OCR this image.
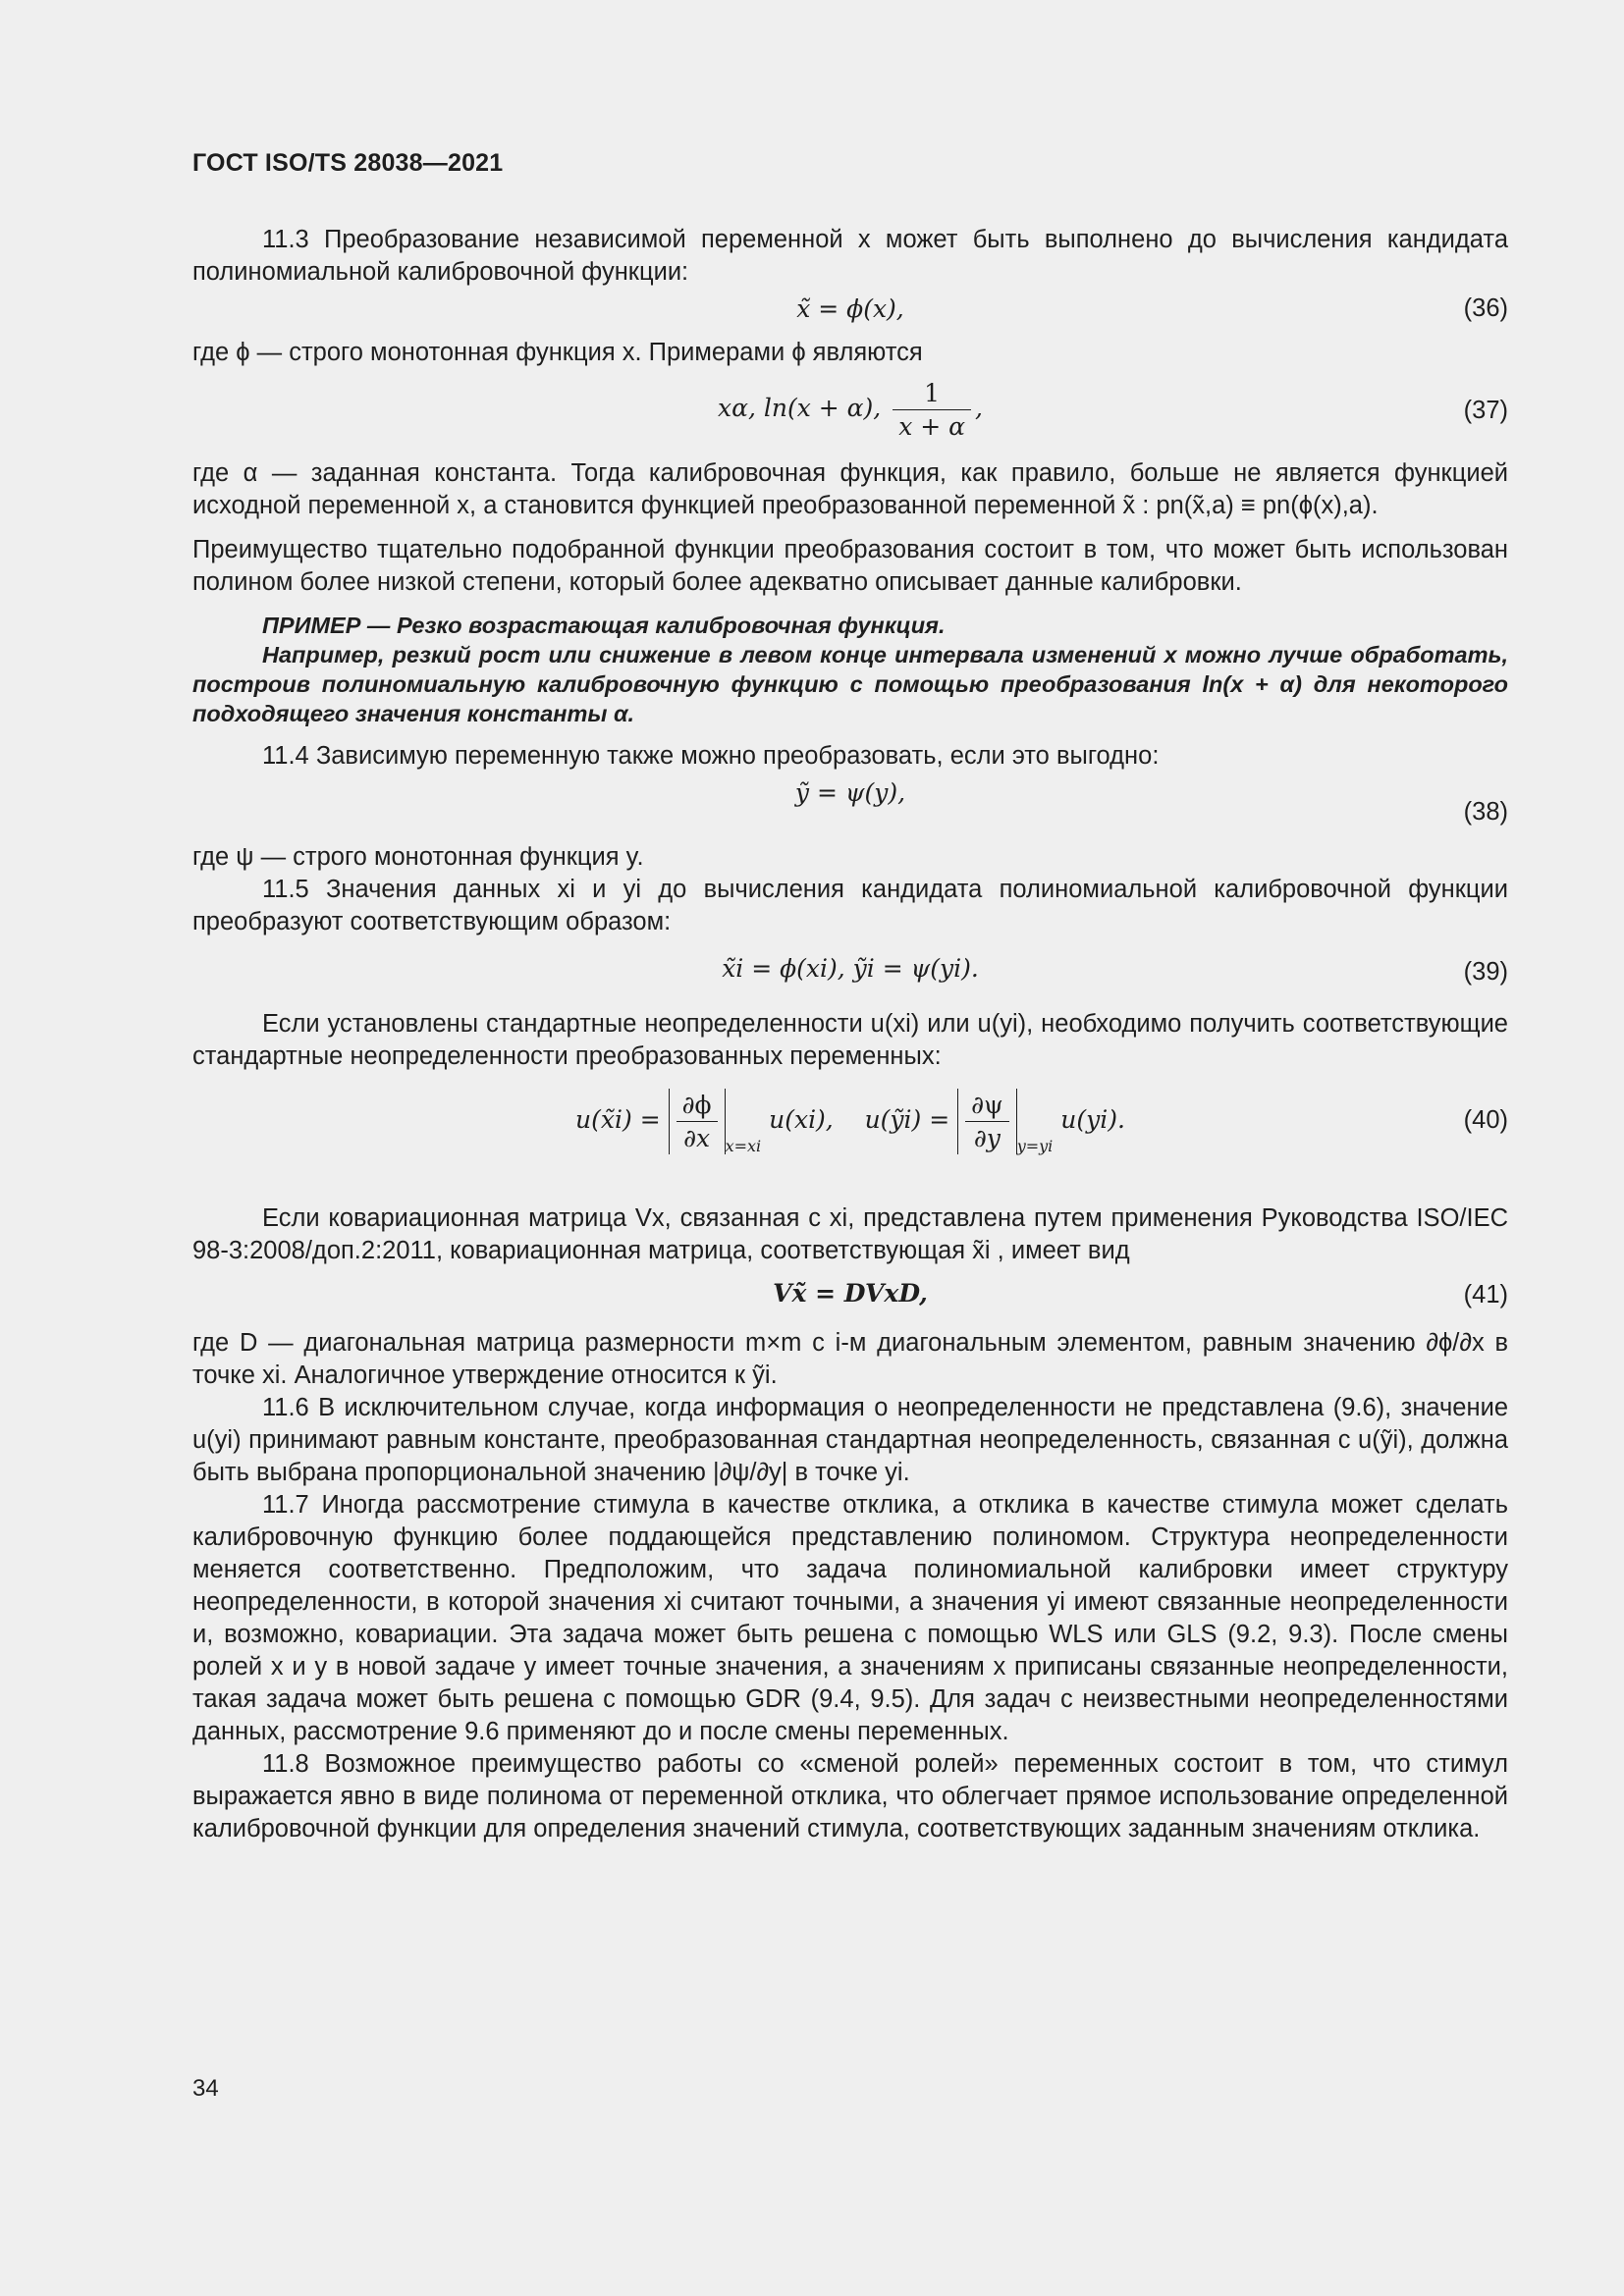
ГОСТ ISO/TS 28038—2021

11.3 Преобразование независимой переменной x может быть выполнено до вычисления кандидата полиномиальной калибровочной функции:

(36)
x̃ = ϕ(x),

где ϕ — строго монотонная функция x. Примерами ϕ являются

(37)
xα, ln(x + α), $\frac{1}{x + \alpha}$ ,

где α — заданная константа. Тогда калибровочная функция, как правило, больше не является функцией исходной переменной x, а становится функцией преобразованной переменной x̃ : pn(x̃,a) ≡ pn(ϕ(x),a).

Преимущество тщательно подобранной функции преобразования состоит в том, что может быть использован полином более низкой степени, который более адекватно описывает данные калибровки.

ПРИМЕР — Резко возрастающая калибровочная функция.

Например, резкий рост или снижение в левом конце интервала изменений x можно лучше обработать, построив полиномиальную калибровочную функцию с помощью преобразования ln(x + α) для некоторого подходящего значения константы α.

11.4 Зависимую переменную также можно преобразовать, если это выгодно:

(38)
ỹ = ψ(y),

где ψ — строго монотонная функция y.

11.5 Значения данных xi и yi до вычисления кандидата полиномиальной калибровочной функции преобразуют соответствующим образом:

(39)
x̃i = ϕ(xi), ỹi = ψ(yi).

Если установлены стандартные неопределенности u(xi) или u(yi), необходимо получить соответствующие стандартные неопределенности преобразованных переменных:

(40)
u(x̃i) = $\frac{\partial\phi}{\partial x} _{x=xi}$ u(xi), u(ỹi) = $\frac{\partial\psi}{\partial y} _{y=yi}$ u(yi).

Если ковариационная матрица Vx, связанная с xi, представлена путем применения Руководства ISO/IEC 98-3:2008/доп.2:2011, ковариационная матрица, соответствующая x̃i , имеет вид

(41)
Vx̃ = DVxD,

где D — диагональная матрица размерности m×m с i-м диагональным элементом, равным значению ∂ϕ/∂x в точке xi. Аналогичное утверждение относится к ỹi.

11.6 В исключительном случае, когда информация о неопределенности не представлена (9.6), значение u(yi) принимают равным константе, преобразованная стандартная неопределенность, связанная с u(ỹi), должна быть выбрана пропорциональной значению |∂ψ/∂y| в точке yi.

11.7 Иногда рассмотрение стимула в качестве отклика, а отклика в качестве стимула может сделать калибровочную функцию более поддающейся представлению полиномом. Структура неопределенности меняется соответственно. Предположим, что задача полиномиальной калибровки имеет структуру неопределенности, в которой значения xi считают точными, а значения yi имеют связанные неопределенности и, возможно, ковариации. Эта задача может быть решена с помощью WLS или GLS (9.2, 9.3). После смены ролей x и y в новой задаче y имеет точные значения, а значениям x приписаны связанные неопределенности, такая задача может быть решена с помощью GDR (9.4, 9.5). Для задач с неизвестными неопределенностями данных, рассмотрение 9.6 применяют до и после смены переменных.

11.8 Возможное преимущество работы со «сменой ролей» переменных состоит в том, что стимул выражается явно в виде полинома от переменной отклика, что облегчает прямое использование определенной калибровочной функции для определения значений стимула, соответствующих заданным значениям отклика.

34
